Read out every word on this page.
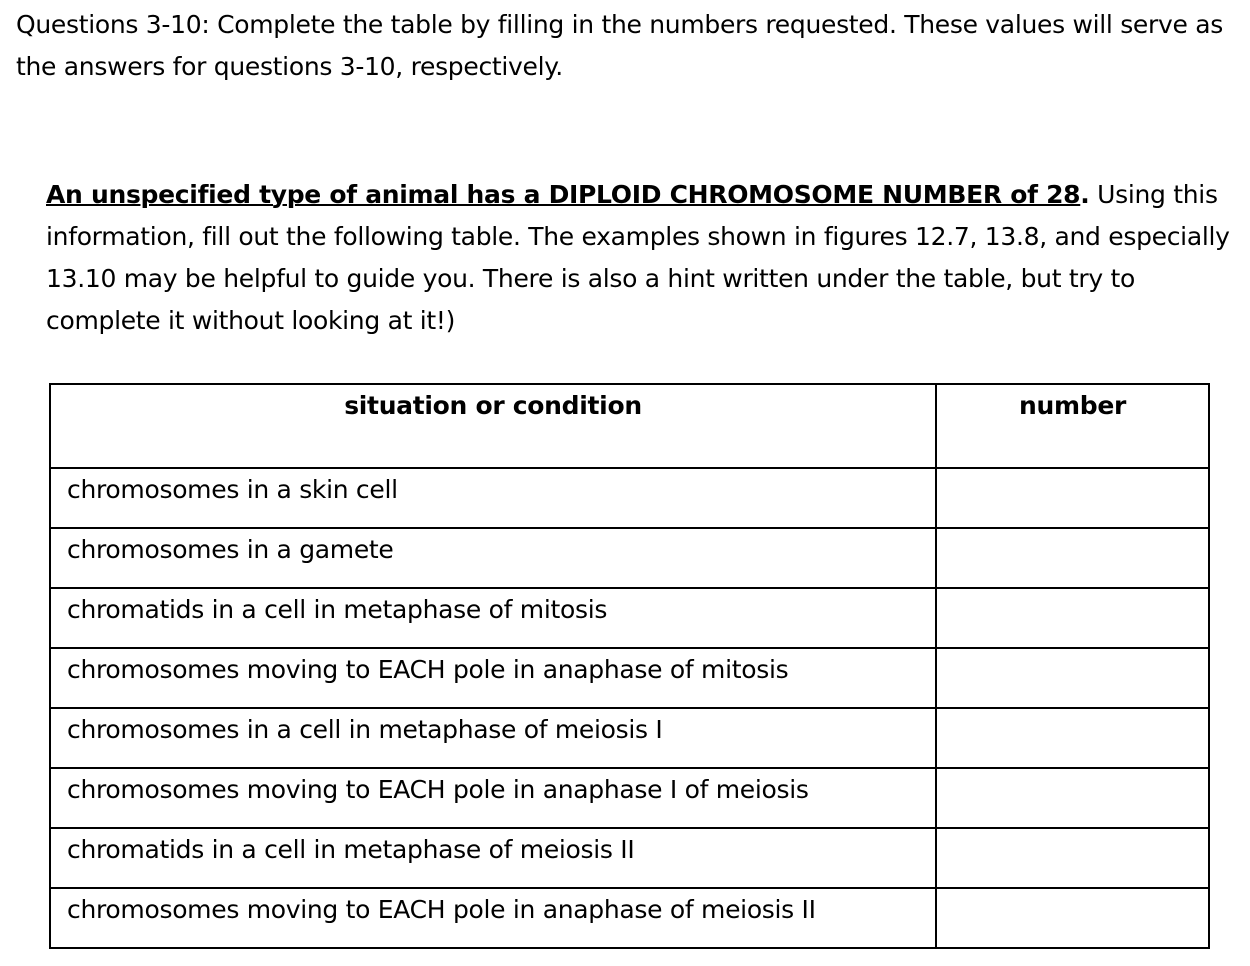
Questions 3-10: Complete the table by filling in the numbers requested. These values will serve as the answers for questions 3-10, respectively.

An unspecified type of animal has a DIPLOID CHROMOSOME NUMBER of 28. Using this information, fill out the following table. The examples shown in figures 12.7, 13.8, and especially 13.10 may be helpful to guide you. There is also a hint written under the table, but try to complete it without looking at it!)

situation or condition	number
chromosomes in a skin cell	
chromosomes in a gamete	
chromatids in a cell in metaphase of mitosis	
chromosomes moving to EACH pole in anaphase of mitosis	
chromosomes in a cell in metaphase of meiosis I	
chromosomes moving to EACH pole in anaphase I of meiosis	
chromatids in a cell in metaphase of meiosis II	
chromosomes moving to EACH pole in anaphase of meiosis II	
